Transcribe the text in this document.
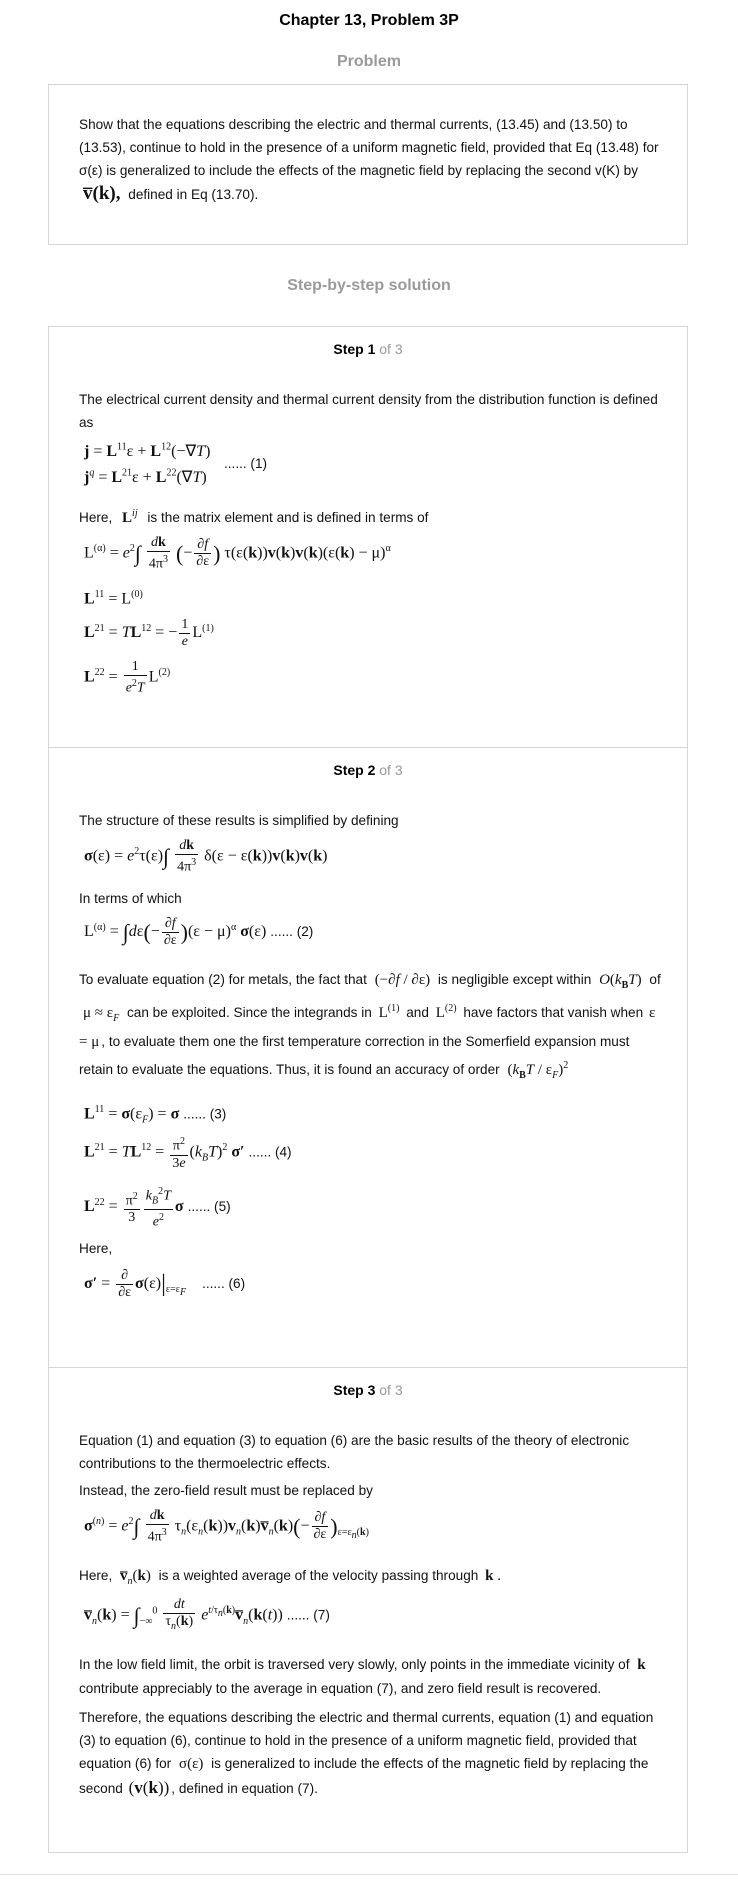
Chapter 13, Problem 3P
Problem
Show that the equations describing the electric and thermal currents, (13.45) and (13.50) to (13.53), continue to hold in the presence of a uniform magnetic field, provided that Eq (13.48) for σ(ε) is generalized to include the effects of the magnetic field by replacing the second v(K) by v̅(k), defined in Eq (13.70).
Step-by-step solution
Step 1 of 3
The electrical current density and thermal current density from the distribution function is defined as
$j = L^{11}\varepsilon + L^{12}(-\nabla T)$
$j^q = L^{21}\varepsilon + L^{22}(\nabla T)$
...... (1)
Here, $L^{ij}$ is the matrix element and is defined in terms of
$L^{(\alpha)} = e^2\int \frac{dk}{4\pi^3}$ (− $\frac{\partial f}{\partial\varepsilon}$ ) $\tau(\varepsilon(k))v(k)v(k)(\varepsilon(k) - \mu)^\alpha$
$L^{11} = L^{(0)}$
$L^{21} = TL^{12}$ = − $\frac{1}{e} L^{(1)}$
$L^{22} = \frac{1}{e^2T} L^{(2)}$
Step 2 of 3
The structure of these results is simplified by defining
$\sigma(\varepsilon) = e^2\tau(\varepsilon)\int \frac{dk}{4\pi^3} \delta(\varepsilon - \varepsilon(k))v(k)v(k)$
In terms of which
$L^{(\alpha)} = \int d\varepsilon(- \frac{\partial f}{\partial\varepsilon} )(\varepsilon - \mu)^\alpha$ σ(ε) ...... (2)
To evaluate equation (2) for metals, the fact that (−∂f / ∂ε) is negligible except within $O(k_BT)$ of $\mu \approx \varepsilon_F$ can be exploited. Since the integrands in $L^{(1)}$ and $L^{(2)}$ have factors that vanish when ε = μ , to evaluate them one the first temperature correction in the Somerfield expansion must retain to evaluate the equations. Thus, it is found an accuracy of order $(k_BT / \varepsilon_F)^2$
$L^{11} = \sigma(\varepsilon_F) = \sigma$ ...... (3)
$L^{21} = TL^{12} = \frac{\pi^2}{3e} (k_BT)^2$ σ′ ...... (4)
$L^{22} = \frac{\pi^2}{3} \frac{k_B^2T}{e^2}$ σ ...... (5)
Here,
$\sigma' = \frac{\partial}{\partial\varepsilon} \sigma(\varepsilon)|_{\varepsilon=\varepsilon_F}$    ...... (6)
Step 3 of 3
Equation (1) and equation (3) to equation (6) are the basic results of the theory of electronic contributions to the thermoelectric effects.
Instead, the zero-field result must be replaced by
$\sigma^{(n)} = e^2\int \frac{dk}{4\pi^3}$ $\tau_n(\varepsilon_n(k))v_n(k)v̅_n(k)(- \frac{\partial f}{\partial\varepsilon} )_{\varepsilon=\varepsilon_n(k)}$
Here, $v̅_n(k)$ is a weighted average of the velocity passing through k .
$v̅_n(k) = \int_{-\infty}^0 \frac{dt}{\tau_n(k)}$ $e^{t/\tau_n(k)}v̅_n(k(t))$ ...... (7)
In the low field limit, the orbit is traversed very slowly, only points in the immediate vicinity of k contribute appreciably to the average in equation (7), and zero field result is recovered.
Therefore, the equations describing the electric and thermal currents, equation (1) and equation (3) to equation (6), continue to hold in the presence of a uniform magnetic field, provided that equation (6) for σ(ε) is generalized to include the effects of the magnetic field by replacing the second (v(k)) , defined in equation (7).
